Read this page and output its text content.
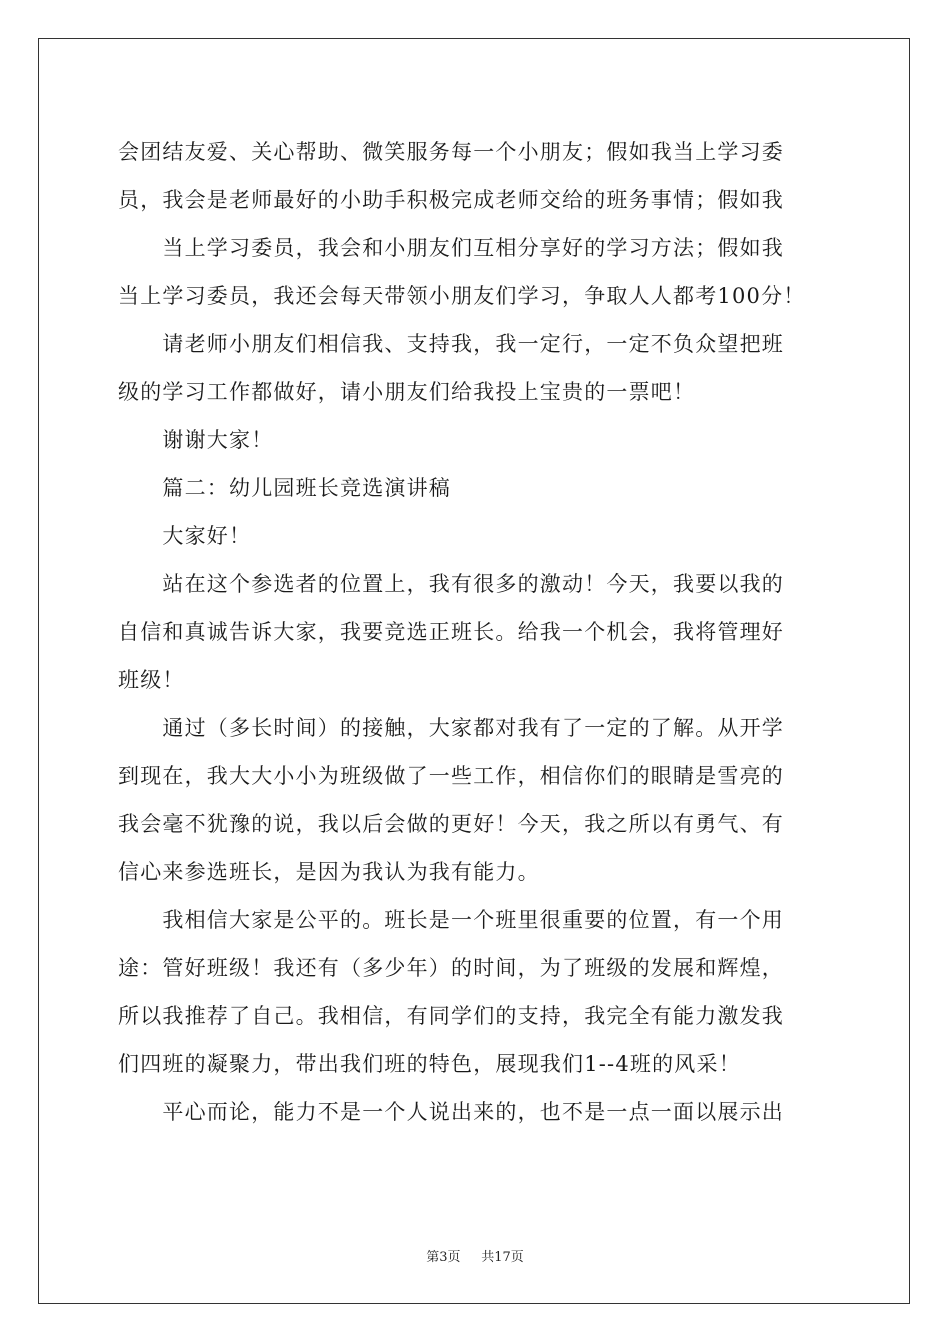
会团结友爱、关心帮助、微笑服务每一个小朋友；假如我当上学习委
员，我会是老师最好的小助手积极完成老师交给的班务事情；假如我
　　当上学习委员，我会和小朋友们互相分享好的学习方法；假如我
当上学习委员，我还会每天带领小朋友们学习，争取人人都考100分！
　　请老师小朋友们相信我、支持我，我一定行，一定不负众望把班
级的学习工作都做好，请小朋友们给我投上宝贵的一票吧！
　　谢谢大家！
　　篇二：幼儿园班长竞选演讲稿
　　大家好！
　　站在这个参选者的位置上，我有很多的激动！今天，我要以我的
自信和真诚告诉大家，我要竞选正班长。给我一个机会，我将管理好
班级！
　　通过（多长时间）的接触，大家都对我有了一定的了解。从开学
到现在，我大大小小为班级做了一些工作，相信你们的眼睛是雪亮的
我会毫不犹豫的说，我以后会做的更好！今天，我之所以有勇气、有
信心来参选班长，是因为我认为我有能力。
　　我相信大家是公平的。班长是一个班里很重要的位置，有一个用
途：管好班级！我还有（多少年）的时间，为了班级的发展和辉煌，
所以我推荐了自己。我相信，有同学们的支持，我完全有能力激发我
们四班的凝聚力，带出我们班的特色，展现我们1--4班的风采！
　　平心而论，能力不是一个人说出来的，也不是一点一面以展示出
第3页 共17页
